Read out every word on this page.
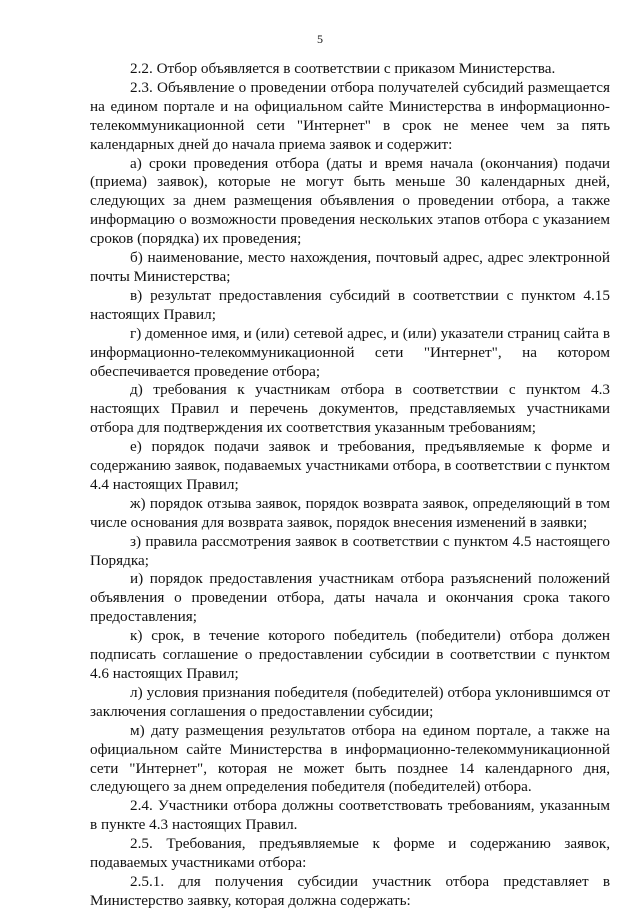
5

2.2. Отбор объявляется в соответствии с приказом Министерства.

2.3. Объявление о проведении отбора получателей субсидий размещается на едином портале и на официальном сайте Министерства в информационно-телекоммуникационной сети "Интернет" в срок не менее чем за пять календарных дней до начала приема заявок и содержит:

а) сроки проведения отбора (даты и время начала (окончания) подачи (приема) заявок), которые не могут быть меньше 30 календарных дней, следующих за днем размещения объявления о проведении отбора, а также информацию о возможности проведения нескольких этапов отбора с указанием сроков (порядка) их проведения;

б) наименование, место нахождения, почтовый адрес, адрес электронной почты Министерства;

в) результат предоставления субсидий в соответствии с пунктом 4.15 настоящих Правил;

г) доменное имя, и (или) сетевой адрес, и (или) указатели страниц сайта в информационно-телекоммуникационной сети "Интернет", на котором обеспечивается проведение отбора;

д) требования к участникам отбора в соответствии с пунктом 4.3 настоящих Правил и перечень документов, представляемых участниками отбора для подтверждения их соответствия указанным требованиям;

е) порядок подачи заявок и требования, предъявляемые к форме и содержанию заявок, подаваемых участниками отбора, в соответствии с пунктом 4.4 настоящих Правил;

ж) порядок отзыва заявок, порядок возврата заявок, определяющий в том числе основания для возврата заявок, порядок внесения изменений в заявки;

з) правила рассмотрения заявок в соответствии с пунктом 4.5 настоящего Порядка;

и) порядок предоставления участникам отбора разъяснений положений объявления о проведении отбора, даты начала и окончания срока такого предоставления;

к) срок, в течение которого победитель (победители) отбора должен подписать соглашение о предоставлении субсидии в соответствии с пунктом 4.6 настоящих Правил;

л) условия признания победителя (победителей) отбора уклонившимся от заключения соглашения о предоставлении субсидии;

м) дату размещения результатов отбора на едином портале, а также на официальном сайте Министерства в информационно-телекоммуникационной сети "Интернет", которая не может быть позднее 14 календарного дня, следующего за днем определения победителя (победителей) отбора.

2.4. Участники отбора должны соответствовать требованиям, указанным в пункте 4.3 настоящих Правил.

2.5. Требования, предъявляемые к форме и содержанию заявок, подаваемых участниками отбора:

2.5.1. для получения субсидии участник отбора представляет в Министерство заявку, которая должна содержать:
